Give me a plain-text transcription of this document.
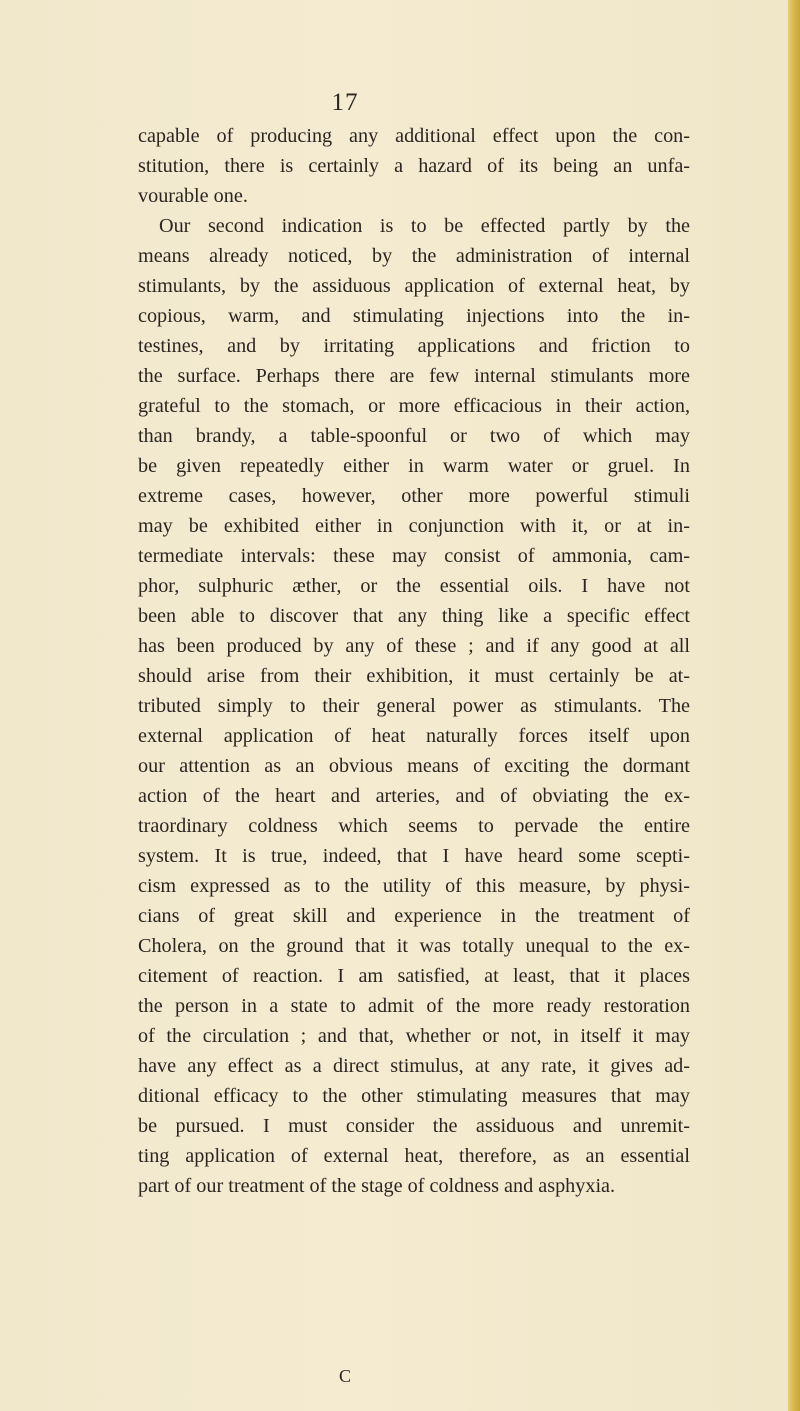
17
capable of producing any additional effect upon the con-
stitution, there is certainly a hazard of its being an unfa-
vourable one.
Our second indication is to be effected partly by the
means already noticed, by the administration of internal
stimulants, by the assiduous application of external heat, by
copious, warm, and stimulating injections into the in-
testines, and by irritating applications and friction to
the surface. Perhaps there are few internal stimulants more
grateful to the stomach, or more efficacious in their action,
than brandy, a table-spoonful or two of which may
be given repeatedly either in warm water or gruel. In
extreme cases, however, other more powerful stimuli
may be exhibited either in conjunction with it, or at in-
termediate intervals: these may consist of ammonia, cam-
phor, sulphuric æther, or the essential oils. I have not
been able to discover that any thing like a specific effect
has been produced by any of these ; and if any good at all
should arise from their exhibition, it must certainly be at-
tributed simply to their general power as stimulants. The
external application of heat naturally forces itself upon
our attention as an obvious means of exciting the dormant
action of the heart and arteries, and of obviating the ex-
traordinary coldness which seems to pervade the entire
system. It is true, indeed, that I have heard some scepti-
cism expressed as to the utility of this measure, by physi-
cians of great skill and experience in the treatment of
Cholera, on the ground that it was totally unequal to the ex-
citement of reaction. I am satisfied, at least, that it places
the person in a state to admit of the more ready restoration
of the circulation ; and that, whether or not, in itself it may
have any effect as a direct stimulus, at any rate, it gives ad-
ditional efficacy to the other stimulating measures that may
be pursued. I must consider the assiduous and unremit-
ting application of external heat, therefore, as an essential
part of our treatment of the stage of coldness and asphyxia.
C
